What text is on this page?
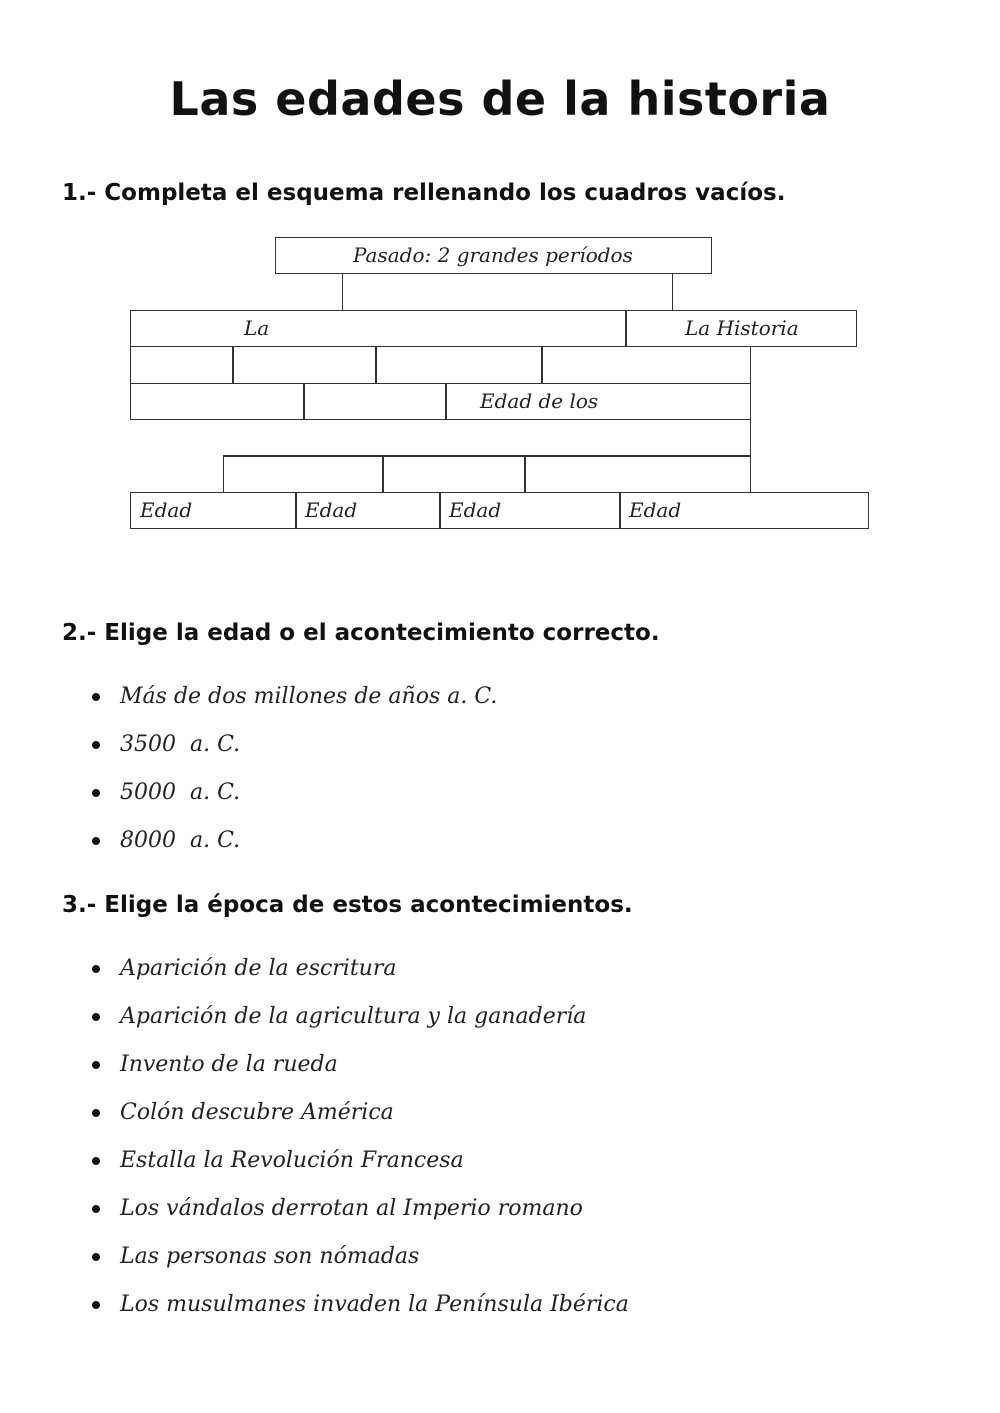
Las edades de la historia
1.- Completa el esquema rellenando los cuadros vacíos.
Pasado: 2 grandes períodos
La	La Historia
Edad de los
Edad	Edad	Edad	Edad
2.- Elige la edad o el acontecimiento correcto.
Más de dos millones de años a. C.
3500  a. C.
5000  a. C.
8000  a. C.
3.- Elige la época de estos acontecimientos.
Aparición de la escritura
Aparición de la agricultura y la ganadería
Invento de la rueda
Colón descubre América
Estalla la Revolución Francesa
Los vándalos derrotan al Imperio romano
Las personas son nómadas
Los musulmanes invaden la Península Ibérica
